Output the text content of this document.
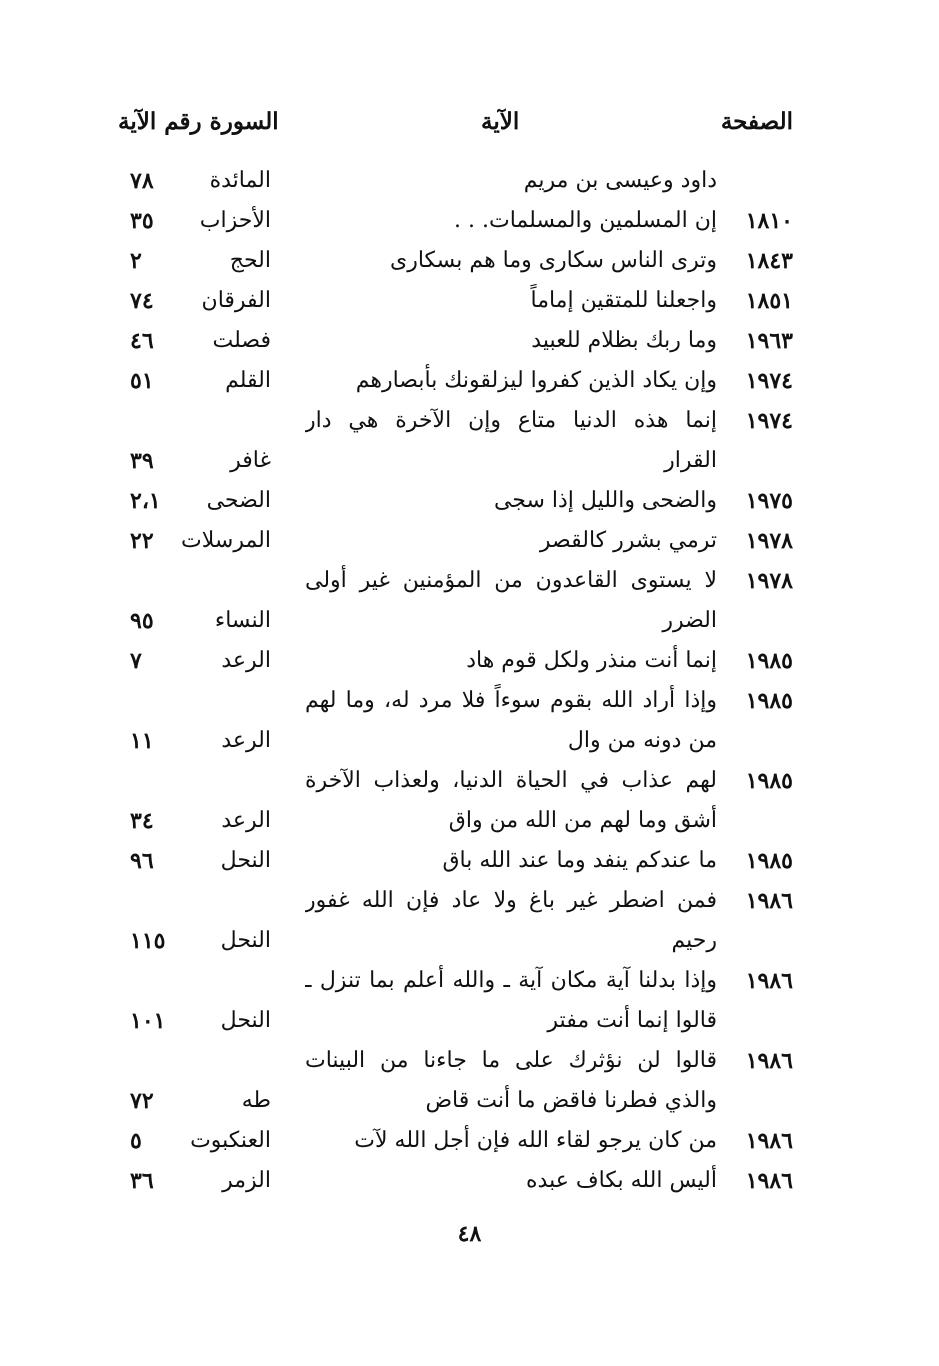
الصفحة
الآية
السورة رقم الآية
داود وعيسى بن مريم
المائدة
٧٨
١٨١٠
إن المسلمين والمسلمات. . .
الأحزاب
٣٥
١٨٤٣
وترى الناس سكارى وما هم بسكارى
الحج
٢
١٨٥١
واجعلنا للمتقين إماماً
الفرقان
٧٤
١٩٦٣
وما ربك بظلام للعبيد
فصلت
٤٦
١٩٧٤
وإن يكاد الذين كفروا ليزلقونك بأبصارهم
القلم
٥١
١٩٧٤
إنما هذه الدنيا متاع وإن الآخرة هي دار
القرار
غافر
٣٩
١٩٧٥
والضحى والليل إذا سجى
الضحى
٢،١
١٩٧٨
ترمي بشرر كالقصر
المرسلات
٢٢
١٩٧٨
لا يستوى القاعدون من المؤمنين غير أولى
الضرر
النساء
٩٥
١٩٨٥
إنما أنت منذر ولكل قوم هاد
الرعد
٧
١٩٨٥
وإذا أراد الله بقوم سوءاً فلا مرد له، وما لهم
من دونه من وال
الرعد
١١
١٩٨٥
لهم عذاب في الحياة الدنيا، ولعذاب الآخرة
أشق وما لهم من الله من واق
الرعد
٣٤
١٩٨٥
ما عندكم ينفد وما عند الله باق
النحل
٩٦
١٩٨٦
فمن اضطر غير باغ ولا عاد فإن الله غفور
رحيم
النحل
١١٥
١٩٨٦
وإذا بدلنا آية مكان آية ـ والله أعلم بما تنزل ـ
قالوا إنما أنت مفتر
النحل
١٠١
١٩٨٦
قالوا لن نؤثرك على ما جاءنا من البينات
والذي فطرنا فاقض ما أنت قاض
طه
٧٢
١٩٨٦
من كان يرجو لقاء الله فإن أجل الله لآت
العنكبوت
٥
١٩٨٦
أليس الله بكاف عبده
الزمر
٣٦
٤٨
